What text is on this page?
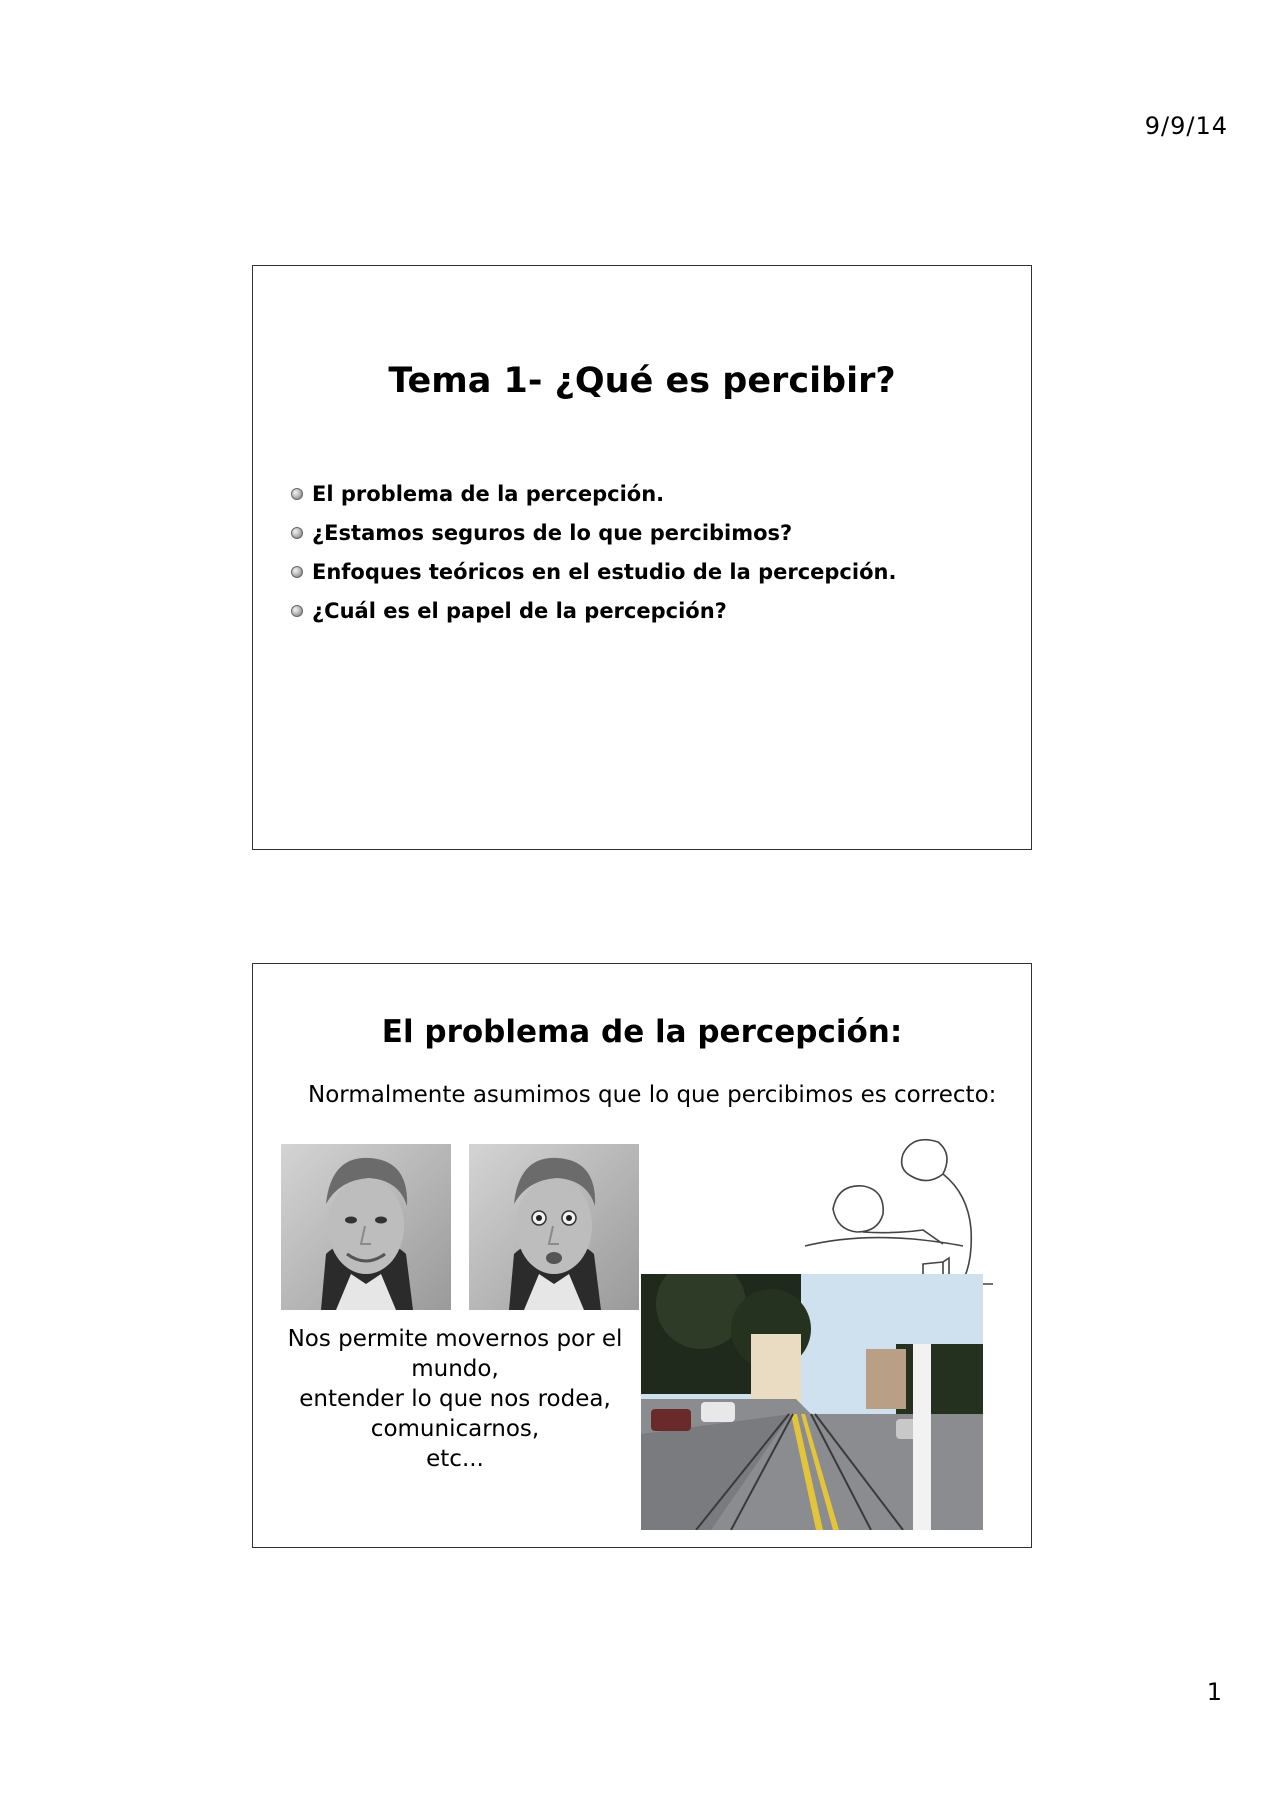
9/9/14
Tema 1- ¿Qué es percibir?
El problema de la percepción.
¿Estamos seguros de lo que percibimos?
Enfoques teóricos en el estudio de la percepción.
¿Cuál es el papel de la percepción?
El problema de la percepción:
Normalmente asumimos que lo que percibimos es correcto:
Nos permite movernos por el
mundo,
entender lo que nos rodea,
comunicarnos,
etc...
1
